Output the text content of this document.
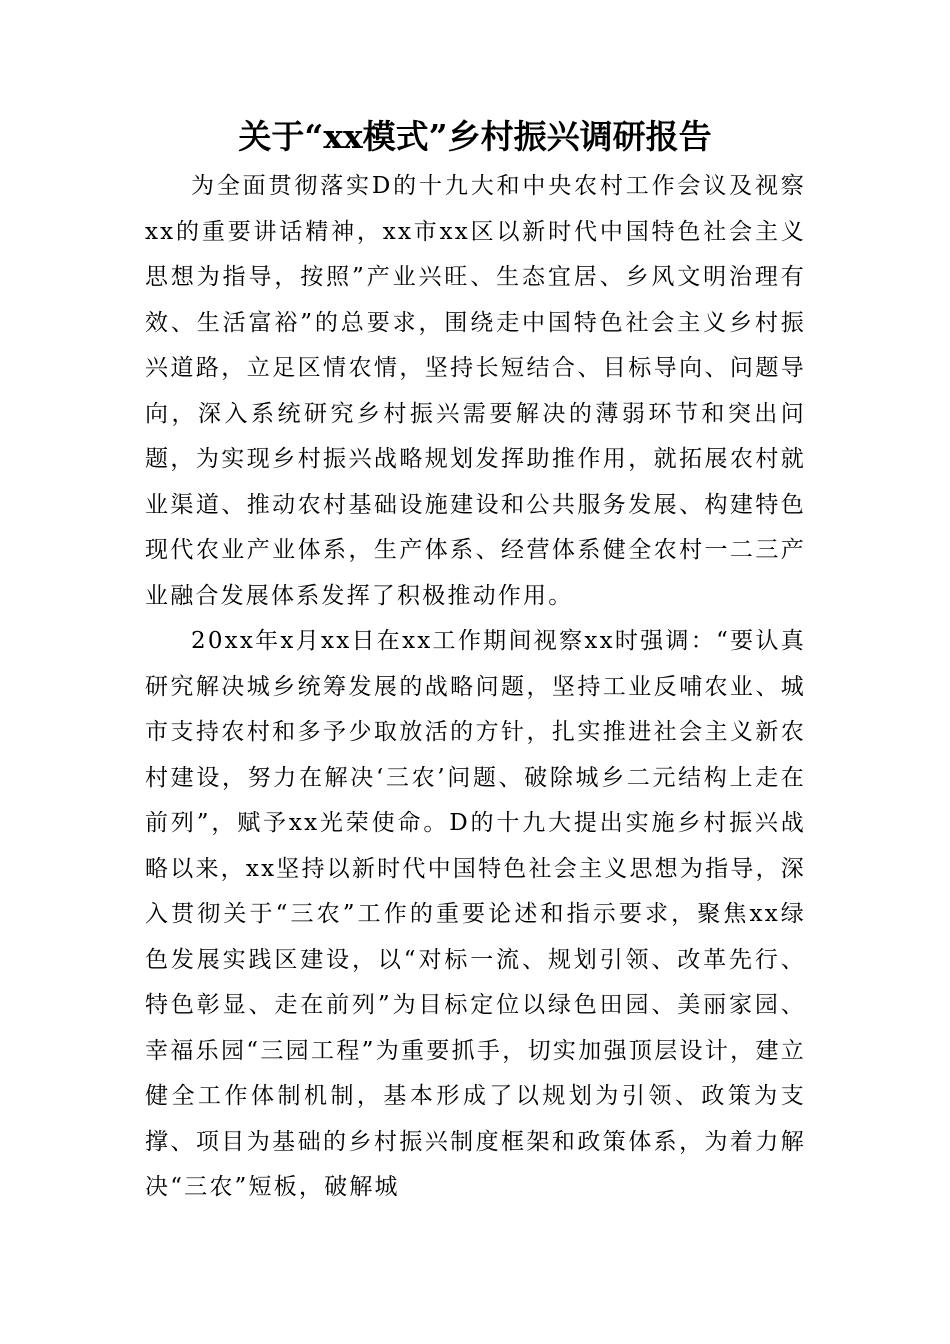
关于“xx模式”乡村振兴调研报告

为全面贯彻落实D的十九大和中央农村工作会议及视察xx的重要讲话精神，xx市xx区以新时代中国特色社会主义思想为指导，按照”产业兴旺、生态宜居、乡风文明治理有效、生活富裕”的总要求，围绕走中国特色社会主义乡村振兴道路，立足区情农情，坚持长短结合、目标导向、问题导向，深入系统研究乡村振兴需要解决的薄弱环节和突出问题，为实现乡村振兴战略规划发挥助推作用，就拓展农村就业渠道、推动农村基础设施建设和公共服务发展、构建特色现代农业产业体系，生产体系、经营体系健全农村一二三产业融合发展体系发挥了积极推动作用。

20xx年x月xx日在xx工作期间视察xx时强调：“要认真研究解决城乡统筹发展的战略问题，坚持工业反哺农业、城市支持农村和多予少取放活的方针，扎实推进社会主义新农村建设，努力在解决‘三农’问题、破除城乡二元结构上走在前列”，赋予xx光荣使命。D的十九大提出实施乡村振兴战略以来，xx坚持以新时代中国特色社会主义思想为指导，深入贯彻关于“三农”工作的重要论述和指示要求，聚焦xx绿色发展实践区建设，以“对标一流、规划引领、改革先行、特色彰显、走在前列”为目标定位以绿色田园、美丽家园、幸福乐园“三园工程”为重要抓手，切实加强顶层设计，建立健全工作体制机制，基本形成了以规划为引领、政策为支撑、项目为基础的乡村振兴制度框架和政策体系，为着力解决“三农”短板，破解城
